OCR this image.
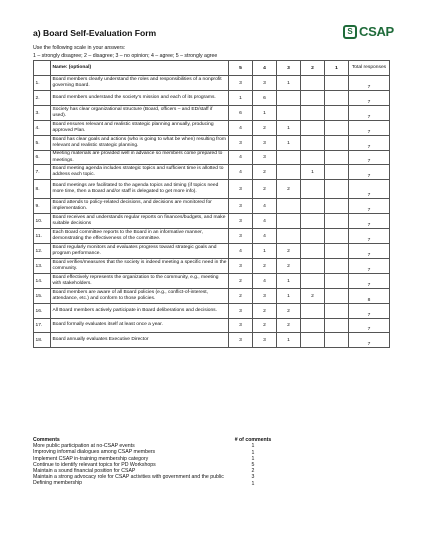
a) Board Self-Evaluation Form	S CSAP
Use the following scale in your answers:
1 – strongly disagree; 2 – disagree; 3 – no opinion; 4 – agree; 5 – strongly agree
	Name: (optional)	5	4	3	2	1	Total responses
1.	Board members clearly understand the roles and responsibilities of a nonprofit governing Board.	3	3	1			7
2.	Board members understand the society’s mission and each of its programs.	1	6				7
3.	Society has clear organizational structure (Board, officers – and ED/staff if used).	6	1				7
4.	Board ensures relevant and realistic strategic planning annually, producing approved Plan.	4	2	1			7
5.	Board has clear goals and actions (who is going to what be when) resulting from relevant and realistic strategic planning.	3	3	1			7
6.	Meeting materials are provided well in advance so members come prepared to meetings.	4	3				7
7.	Board meeting agenda includes strategic topics and sufficient time is allotted to address each topic.	4	2		1		7
8.	Board meetings are facilitated to the agenda topics and timing (if topics need more time, then a Board and/or staff is delegated to get more info).	3	2	2			7
9.	Board attends to policy-related decisions, and decisions are monitored for implementation.	3	4				7
10.	Board receives and understands regular reports on finances/budgets, and make suitable decisions	3	4				7
11.	Each Board committee reports to the Board in an informative manner, demonstrating the effectiveness of the committee.	3	4				7
12.	Board regularly monitors and evaluates progress toward strategic goals and program performance.	4	1	2			7
13.	Board verifies/measures that the society is indeed meeting a specific need in the community.	3	2	2			7
14.	Board effectively represents the organization to the community, e.g., meeting with stakeholders.	2	4	1			7
15.	Board members are aware of all Board policies (e.g., conflict-of-interest, attendance, etc.) and conform to those policies.	2	3	1	2		8
16.	All Board members actively participate in Board deliberations and decisions.	3	2	2			7
17.	Board formally evaluates itself at least once a year.	3	2	2			7
18.	Board annually evaluates Executive Director	3	3	1			7
Comments	# of comments
More public participation at no-CSAP events	1
Improving informal dialogues among CSAP members	1
Implement CSAP in-training membership category	1
Continue to identify relevant topics for PD Workshops	5
Maintain a sound financial position for CSAP	2
Maintain a strong advocacy role for CSAP activities with government and the public	3
Defining membership	1
